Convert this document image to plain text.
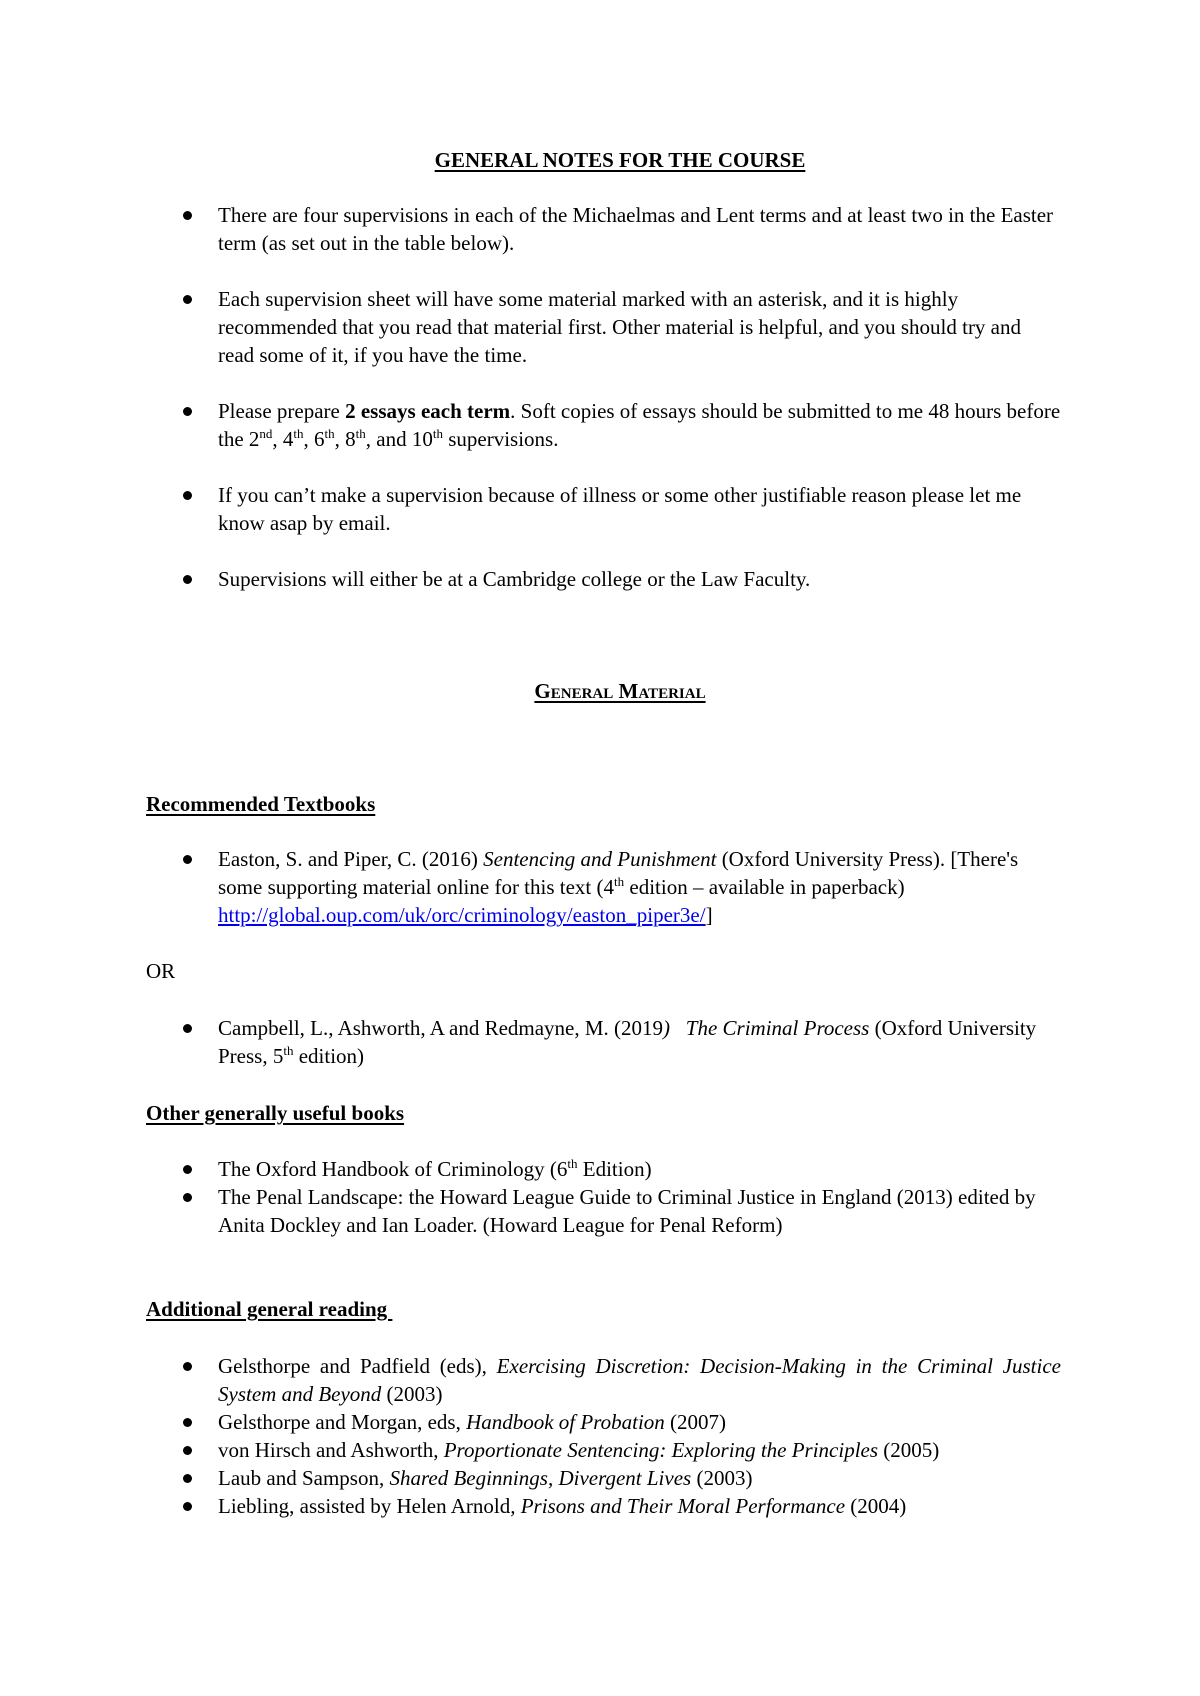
GENERAL NOTES FOR THE COURSE
There are four supervisions in each of the Michaelmas and Lent terms and at least two in the Easter term (as set out in the table below).
Each supervision sheet will have some material marked with an asterisk, and it is highly recommended that you read that material first. Other material is helpful, and you should try and read some of it, if you have the time.
Please prepare 2 essays each term. Soft copies of essays should be submitted to me 48 hours before the 2nd, 4th, 6th, 8th, and 10th supervisions.
If you can’t make a supervision because of illness or some other justifiable reason please let me know asap by email.
Supervisions will either be at a Cambridge college or the Law Faculty.
General Material
Recommended Textbooks
Easton, S. and Piper, C. (2016) Sentencing and Punishment (Oxford University Press). [There's some supporting material online for this text (4th edition – available in paperback) http://global.oup.com/uk/orc/criminology/easton_piper3e/]
OR
Campbell, L., Ashworth, A and Redmayne, M. (2019) The Criminal Process (Oxford University Press, 5th edition)
Other generally useful books
The Oxford Handbook of Criminology (6th Edition)
The Penal Landscape: the Howard League Guide to Criminal Justice in England (2013) edited by Anita Dockley and Ian Loader. (Howard League for Penal Reform)
Additional general reading
Gelsthorpe and Padfield (eds), Exercising Discretion: Decision-Making in the Criminal Justice System and Beyond (2003)
Gelsthorpe and Morgan, eds, Handbook of Probation (2007)
von Hirsch and Ashworth, Proportionate Sentencing: Exploring the Principles (2005)
Laub and Sampson, Shared Beginnings, Divergent Lives (2003)
Liebling, assisted by Helen Arnold, Prisons and Their Moral Performance (2004)
